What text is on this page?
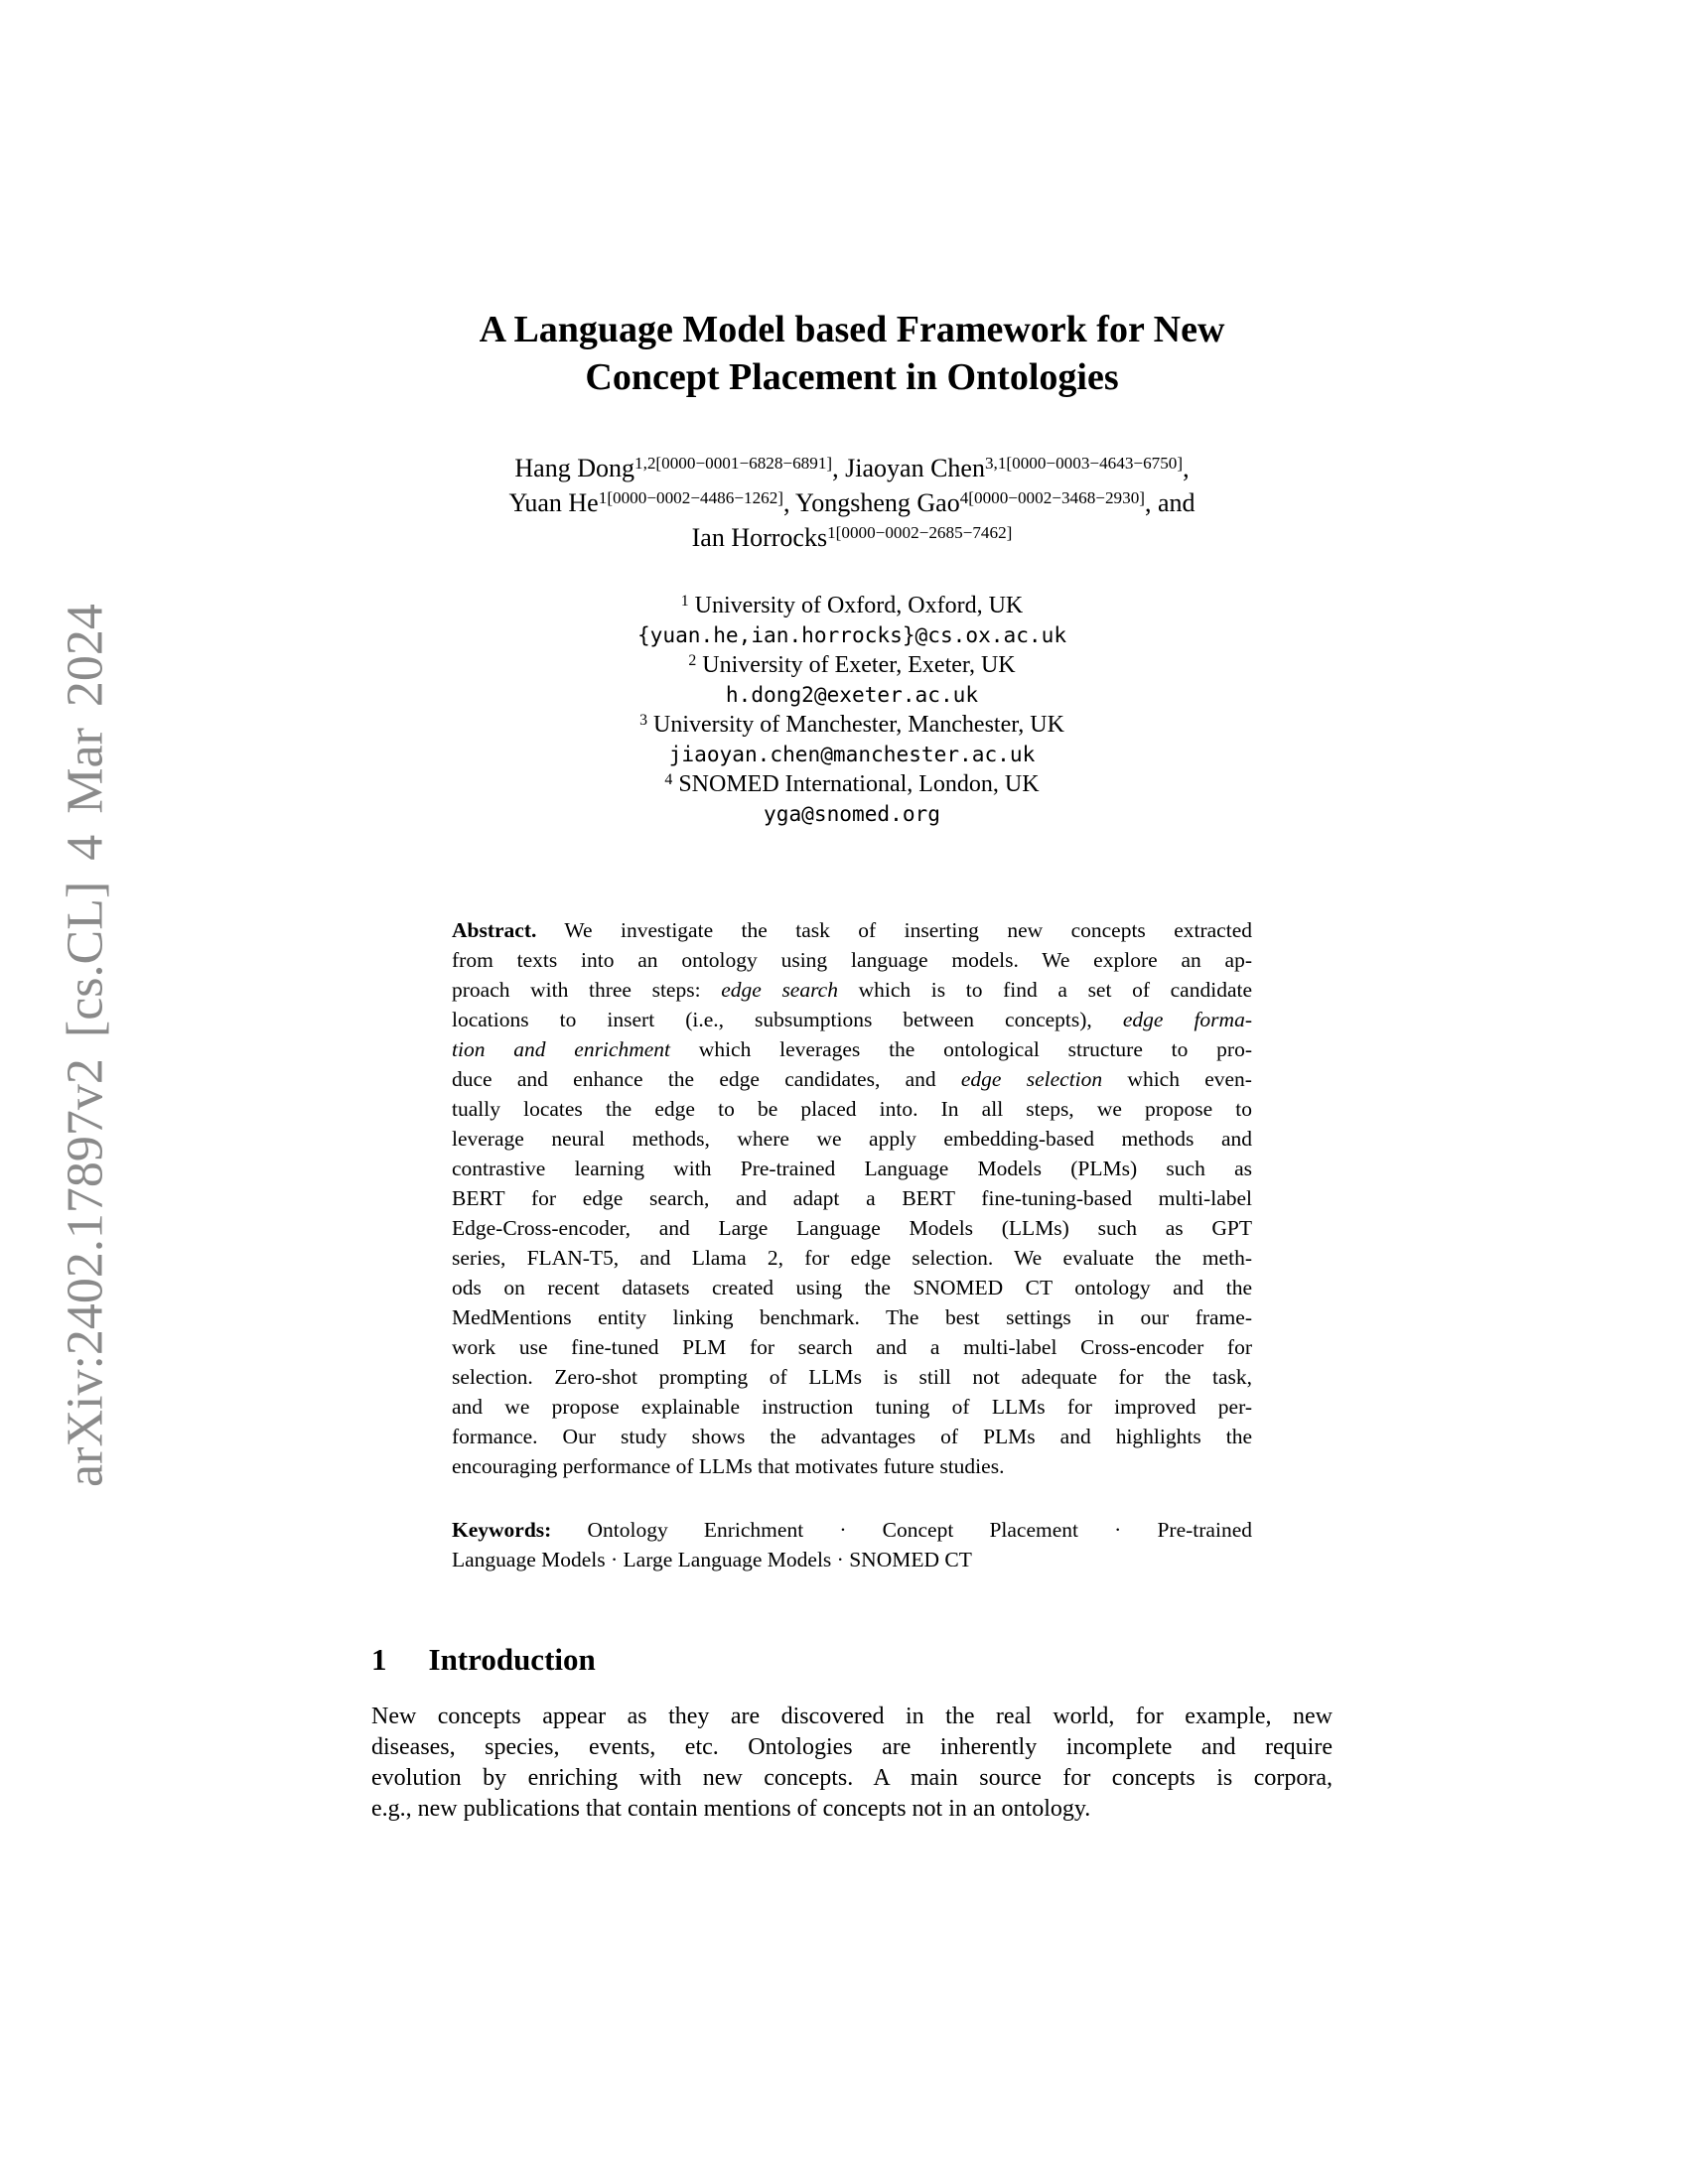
arXiv:2402.17897v2 [cs.CL] 4 Mar 2024
A Language Model based Framework for New
Concept Placement in Ontologies
Hang Dong$^{1,2[0000-0001-6828-6891]}$, Jiaoyan Chen$^{3,1[0000-0003-4643-6750]}$,
Yuan $He^{1[0000-0002-4486-1262]}$, Yongsheng Gao$^{4[0000-0002-3468-2930]}$, and
Ian Horrocks$^{1[0000-0002-2685-7462]}$
$^1$ University of Oxford, Oxford, UK
{yuan.he,ian.horrocks}@cs.ox.ac.uk
$^2$ University of Exeter, Exeter, UK
h.dong2@exeter.ac.uk
$^3$ University of Manchester, Manchester, UK
jiaoyan.chen@manchester.ac.uk
$^4$ SNOMED International, London, UK
yga@snomed.org
Abstract. We investigate the task of inserting new concepts extracted
from texts into an ontology using language models. We explore an ap-
proach with three steps: edge search which is to find a set of candidate
locations to insert (i.e., subsumptions between concepts), edge forma-
tion and enrichment which leverages the ontological structure to pro-
duce and enhance the edge candidates, and edge selection which even-
tually locates the edge to be placed into. In all steps, we propose to
leverage neural methods, where we apply embedding-based methods and
contrastive learning with Pre-trained Language Models (PLMs) such as
BERT for edge search, and adapt a BERT fine-tuning-based multi-label
Edge-Cross-encoder, and Large Language Models (LLMs) such as GPT
series, FLAN-T5, and Llama 2, for edge selection. We evaluate the meth-
ods on recent datasets created using the SNOMED CT ontology and the
MedMentions entity linking benchmark. The best settings in our frame-
work use fine-tuned PLM for search and a multi-label Cross-encoder for
selection. Zero-shot prompting of LLMs is still not adequate for the task,
and we propose explainable instruction tuning of LLMs for improved per-
formance. Our study shows the advantages of PLMs and highlights the
encouraging performance of LLMs that motivates future studies.
Keywords: Ontology Enrichment · Concept Placement · Pre-trained
Language Models · Large Language Models · SNOMED CT
1 Introduction

New concepts appear as they are discovered in the real world, for example, new
diseases, species, events, etc. Ontologies are inherently incomplete and require
evolution by enriching with new concepts. A main source for concepts is corpora,
e.g., new publications that contain mentions of concepts not in an ontology.
